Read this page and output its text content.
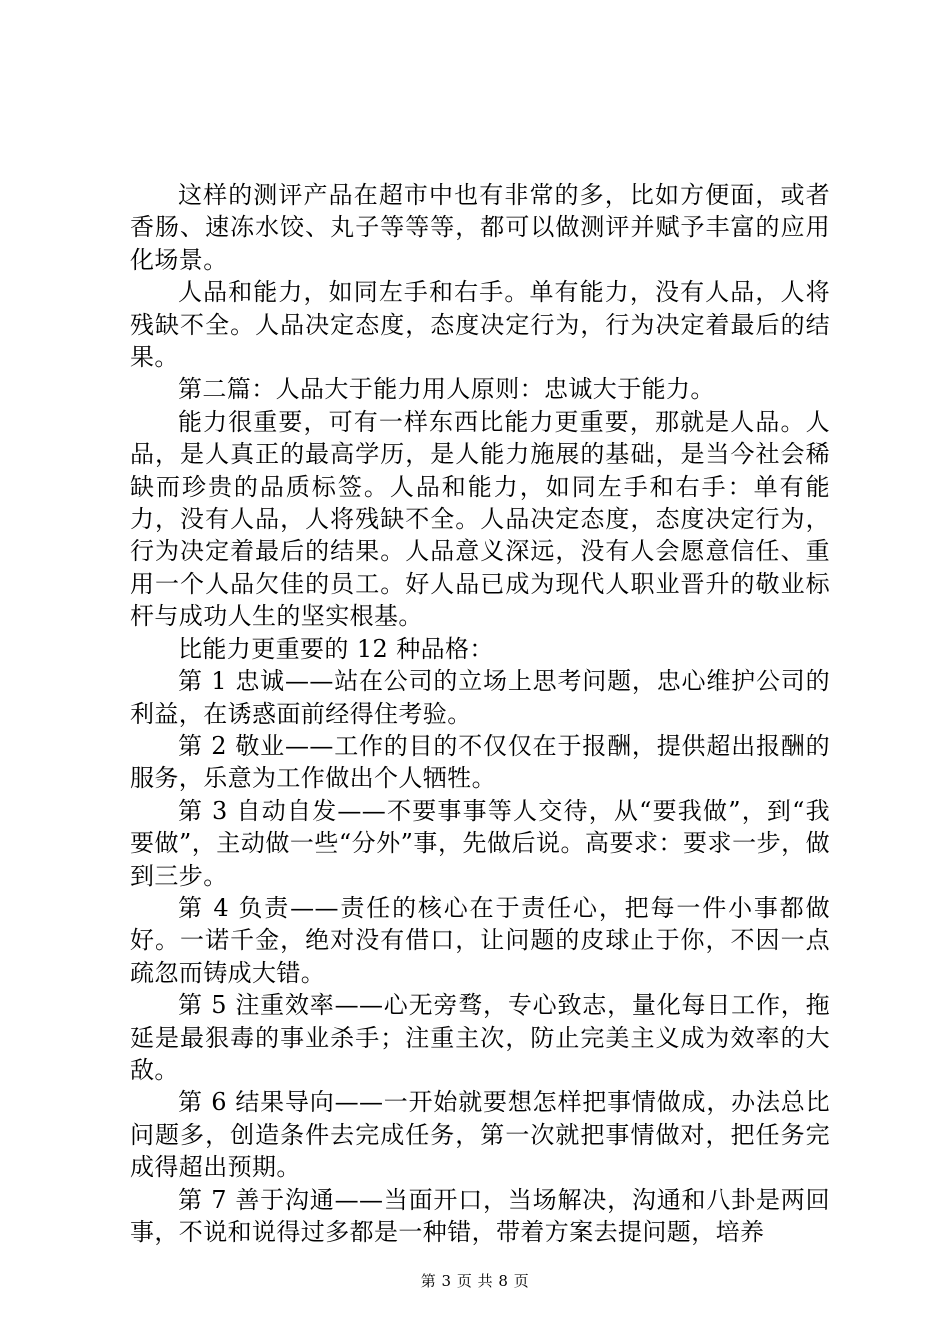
这样的测评产品在超市中也有非常的多，比如方便面，或者香肠、速冻水饺、丸子等等等，都可以做测评并赋予丰富的应用化场景。

人品和能力，如同左手和右手。单有能力，没有人品，人将残缺不全。人品决定态度，态度决定行为，行为决定着最后的结果。

第二篇：人品大于能力用人原则：忠诚大于能力。

能力很重要，可有一样东西比能力更重要，那就是人品。人品，是人真正的最高学历，是人能力施展的基础，是当今社会稀缺而珍贵的品质标签。人品和能力，如同左手和右手：单有能力，没有人品，人将残缺不全。人品决定态度，态度决定行为，行为决定着最后的结果。人品意义深远，没有人会愿意信任、重用一个人品欠佳的员工。好人品已成为现代人职业晋升的敬业标杆与成功人生的坚实根基。

比能力更重要的 12 种品格：

第 1 忠诚——站在公司的立场上思考问题，忠心维护公司的利益，在诱惑面前经得住考验。

第 2 敬业——工作的目的不仅仅在于报酬，提供超出报酬的服务，乐意为工作做出个人牺牲。

第 3 自动自发——不要事事等人交待，从“要我做”，到“我要做”，主动做一些“分外”事，先做后说。高要求：要求一步，做到三步。

第 4 负责——责任的核心在于责任心，把每一件小事都做好。一诺千金，绝对没有借口，让问题的皮球止于你，不因一点疏忽而铸成大错。

第 5 注重效率——心无旁骛，专心致志，量化每日工作，拖延是最狠毒的事业杀手；注重主次，防止完美主义成为效率的大敌。

第 6 结果导向——一开始就要想怎样把事情做成，办法总比问题多，创造条件去完成任务，第一次就把事情做对，把任务完成得超出预期。

第 7 善于沟通——当面开口，当场解决，沟通和八卦是两回事，不说和说得过多都是一种错，带着方案去提问题，培养

第 3 页 共 8 页
